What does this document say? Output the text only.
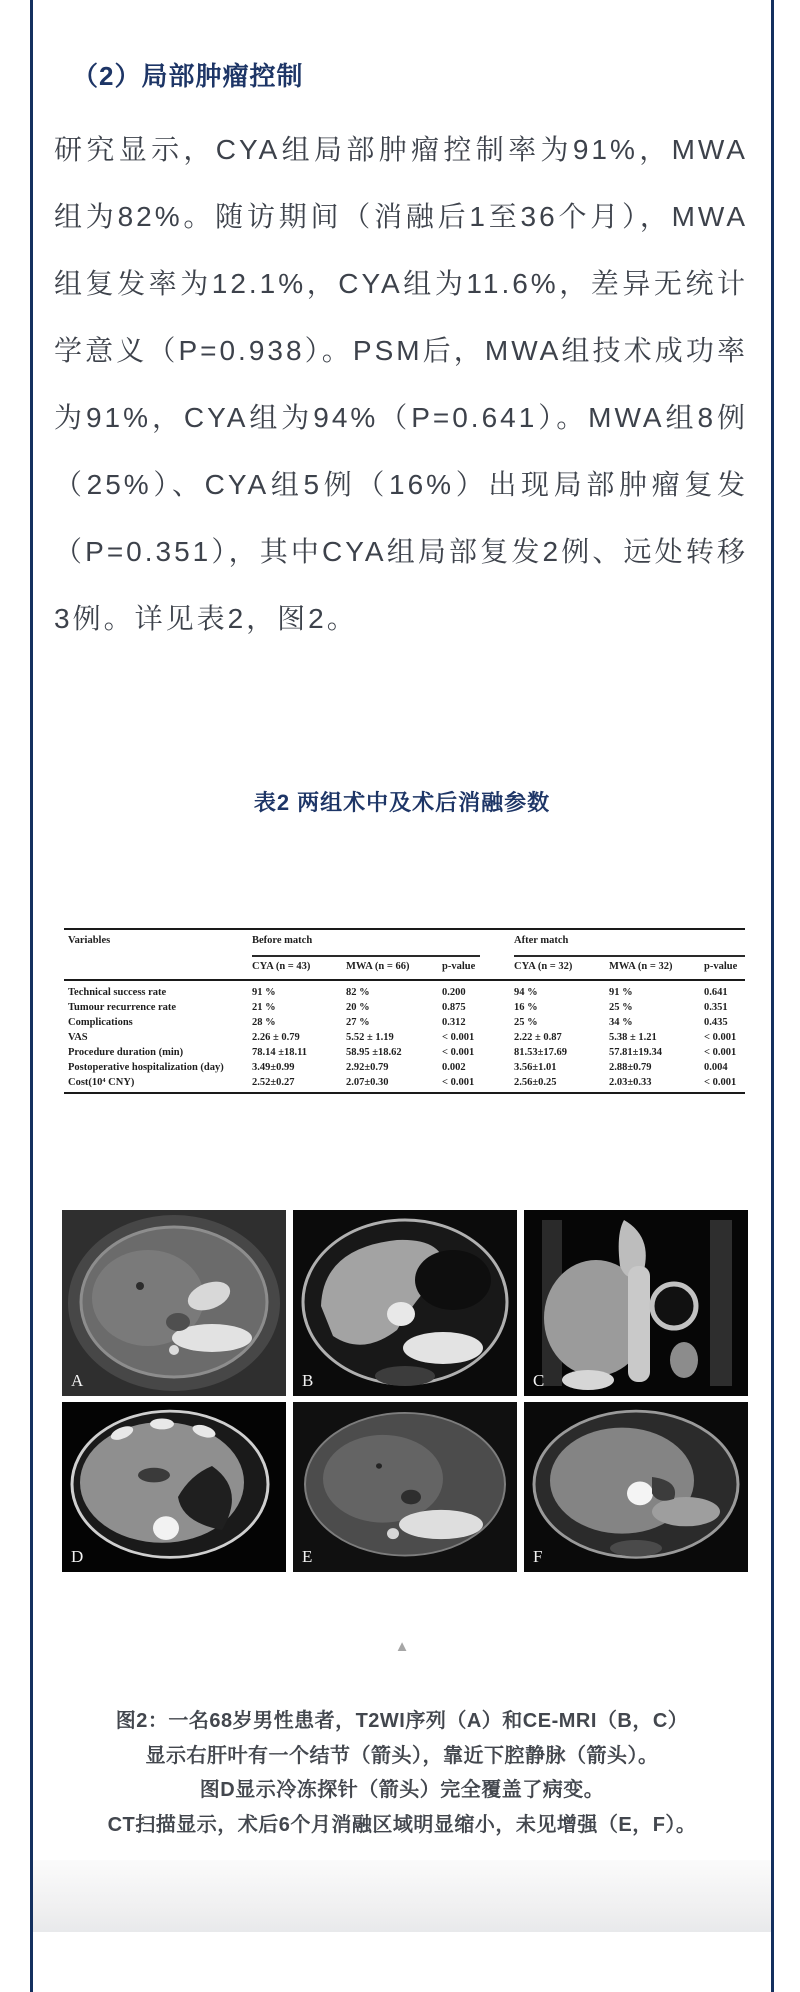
（2）局部肿瘤控制
研究显示，CYA组局部肿瘤控制率为91%，MWA组为82%。随访期间（消融后1至36个月），MWA组复发率为12.1%，CYA组为11.6%，差异无统计学意义（P=0.938）。PSM后，MWA组技术成功率为91%，CYA组为94%（P=0.641）。MWA组8例（25%）、CYA组5例（16%）出现局部肿瘤复发（P=0.351），其中CYA组局部复发2例、远处转移3例。详见表2，图2。
表2 两组术中及术后消融参数
Variables	Before match	After match
CYA (n = 43)	MWA (n = 66)	p-value	CYA (n = 32)	MWA (n = 32)	p-value
Technical success rate	91 %	82 %	0.200	94 %	91 %	0.641
Tumour recurrence rate	21 %	20 %	0.875	16 %	25 %	0.351
Complications	28 %	27 %	0.312	25 %	34 %	0.435
VAS	2.26 ± 0.79	5.52 ± 1.19	< 0.001	2.22 ± 0.87	5.38 ± 1.21	< 0.001
Procedure duration (min)	78.14 ±18.11	58.95 ±18.62	< 0.001	81.53±17.69	57.81±19.34	< 0.001
Postoperative hospitalization (day)	3.49±0.99	2.92±0.79	0.002	3.56±1.01	2.88±0.79	0.004
Cost(10⁴ CNY)	2.52±0.27	2.07±0.30	< 0.001	2.56±0.25	2.03±0.33	< 0.001
A	B	C
D	E	F
▲
图2：一名68岁男性患者，T2WI序列（A）和CE-MRI（B，C）
显示右肝叶有一个结节（箭头），靠近下腔静脉（箭头）。
图D显示冷冻探针（箭头）完全覆盖了病变。
CT扫描显示，术后6个月消融区域明显缩小，未见增强（E，F）。
